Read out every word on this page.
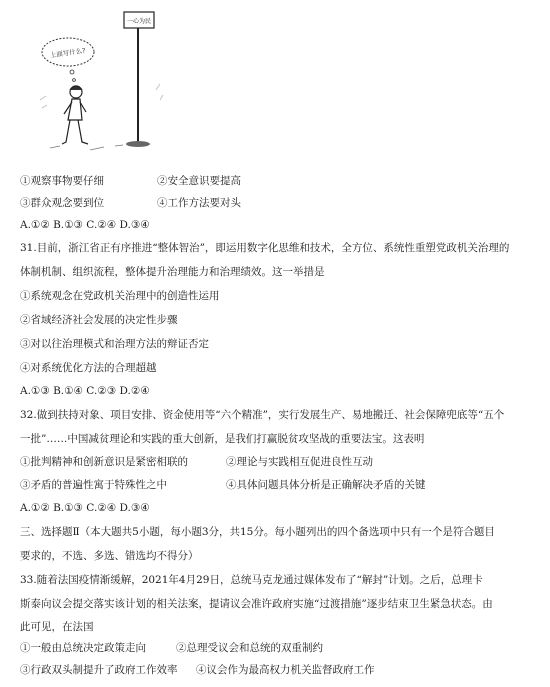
一心为民
上面写什么?
①观察事物要仔细	②安全意识要提高
③群众观念要到位	④工作方法要对头
A.①② B.①③ C.②④ D.③④
31.目前，浙江省正有序推进“整体智治”，即运用数字化思维和技术，全方位、系统性重塑党政机关治理的
体制机制、组织流程，整体提升治理能力和治理绩效。这一举措是
①系统观念在党政机关治理中的创造性运用
②省域经济社会发展的决定性步骤
③对以往治理模式和治理方法的辩证否定
④对系统优化方法的合理超越
A.①③ B.①④ C.②③ D.②④
32.做到扶持对象、项目安排、资金使用等“六个精准”，实行发展生产、易地搬迁、社会保障兜底等“五个
一批”……中国减贫理论和实践的重大创新，是我们打赢脱贫攻坚战的重要法宝。这表明
①批判精神和创新意识是紧密相联的	②理论与实践相互促进良性互动
③矛盾的普遍性寓于特殊性之中	④具体问题具体分析是正确解决矛盾的关键
A.①② B.①③ C.②④ D.③④
三、选择题Ⅱ（本大题共5小题，每小题3分，共15分。每小题列出的四个备选项中只有一个是符合题目
要求的，不选、多选、错选均不得分）
33.随着法国疫情渐缓解，2021年4月29日，总统马克龙通过媒体发布了“解封”计划。之后，总理卡
斯泰向议会提交落实该计划的相关法案，提请议会准许政府实施“过渡措施”逐步结束卫生紧急状态。由
此可见，在法国
①一般由总统决定政策走向	②总理受议会和总统的双重制约
③行政双头制提升了政府工作效率 ④议会作为最高权力机关监督政府工作
